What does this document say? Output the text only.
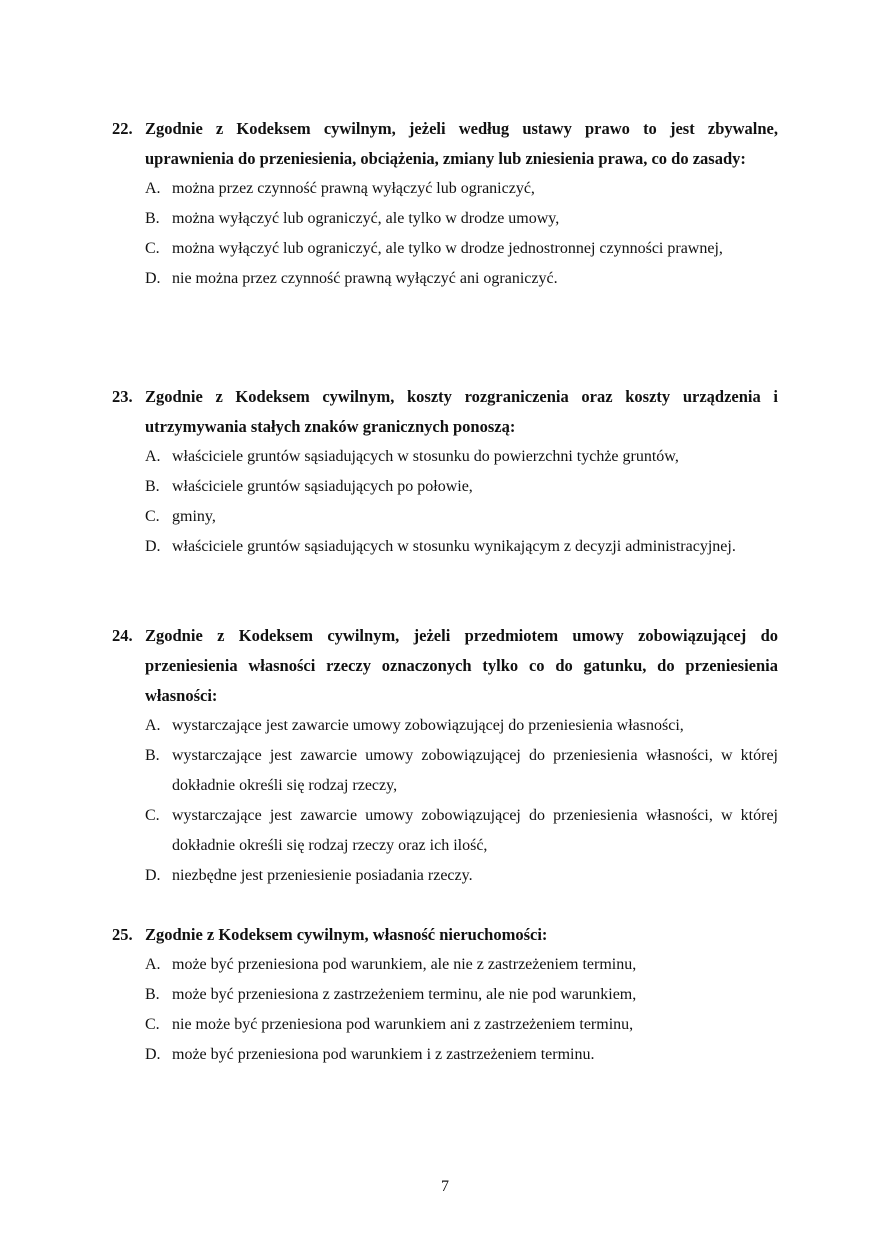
22. Zgodnie z Kodeksem cywilnym, jeżeli według ustawy prawo to jest zbywalne, uprawnienia do przeniesienia, obciążenia, zmiany lub zniesienia prawa, co do zasady:
A. można przez czynność prawną wyłączyć lub ograniczyć,
B. można wyłączyć lub ograniczyć, ale tylko w drodze umowy,
C. można wyłączyć lub ograniczyć, ale tylko w drodze jednostronnej czynności prawnej,
D. nie można przez czynność prawną wyłączyć ani ograniczyć.
23. Zgodnie z Kodeksem cywilnym, koszty rozgraniczenia oraz koszty urządzenia i utrzymywania stałych znaków granicznych ponoszą:
A. właściciele gruntów sąsiadujących w stosunku do powierzchni tychże gruntów,
B. właściciele gruntów sąsiadujących po połowie,
C. gminy,
D. właściciele gruntów sąsiadujących w stosunku wynikającym z decyzji administracyjnej.
24. Zgodnie z Kodeksem cywilnym, jeżeli przedmiotem umowy zobowiązującej do przeniesienia własności rzeczy oznaczonych tylko co do gatunku, do przeniesienia własności:
A. wystarczające jest zawarcie umowy zobowiązującej do przeniesienia własności,
B. wystarczające jest zawarcie umowy zobowiązującej do przeniesienia własności, w której dokładnie określi się rodzaj rzeczy,
C. wystarczające jest zawarcie umowy zobowiązującej do przeniesienia własności, w której dokładnie określi się rodzaj rzeczy oraz ich ilość,
D. niezbędne jest przeniesienie posiadania rzeczy.
25. Zgodnie z Kodeksem cywilnym, własność nieruchomości:
A. może być przeniesiona pod warunkiem, ale nie z zastrzeżeniem terminu,
B. może być przeniesiona z zastrzeżeniem terminu, ale nie pod warunkiem,
C. nie może być przeniesiona pod warunkiem ani z zastrzeżeniem terminu,
D. może być przeniesiona pod warunkiem i z zastrzeżeniem terminu.
7
